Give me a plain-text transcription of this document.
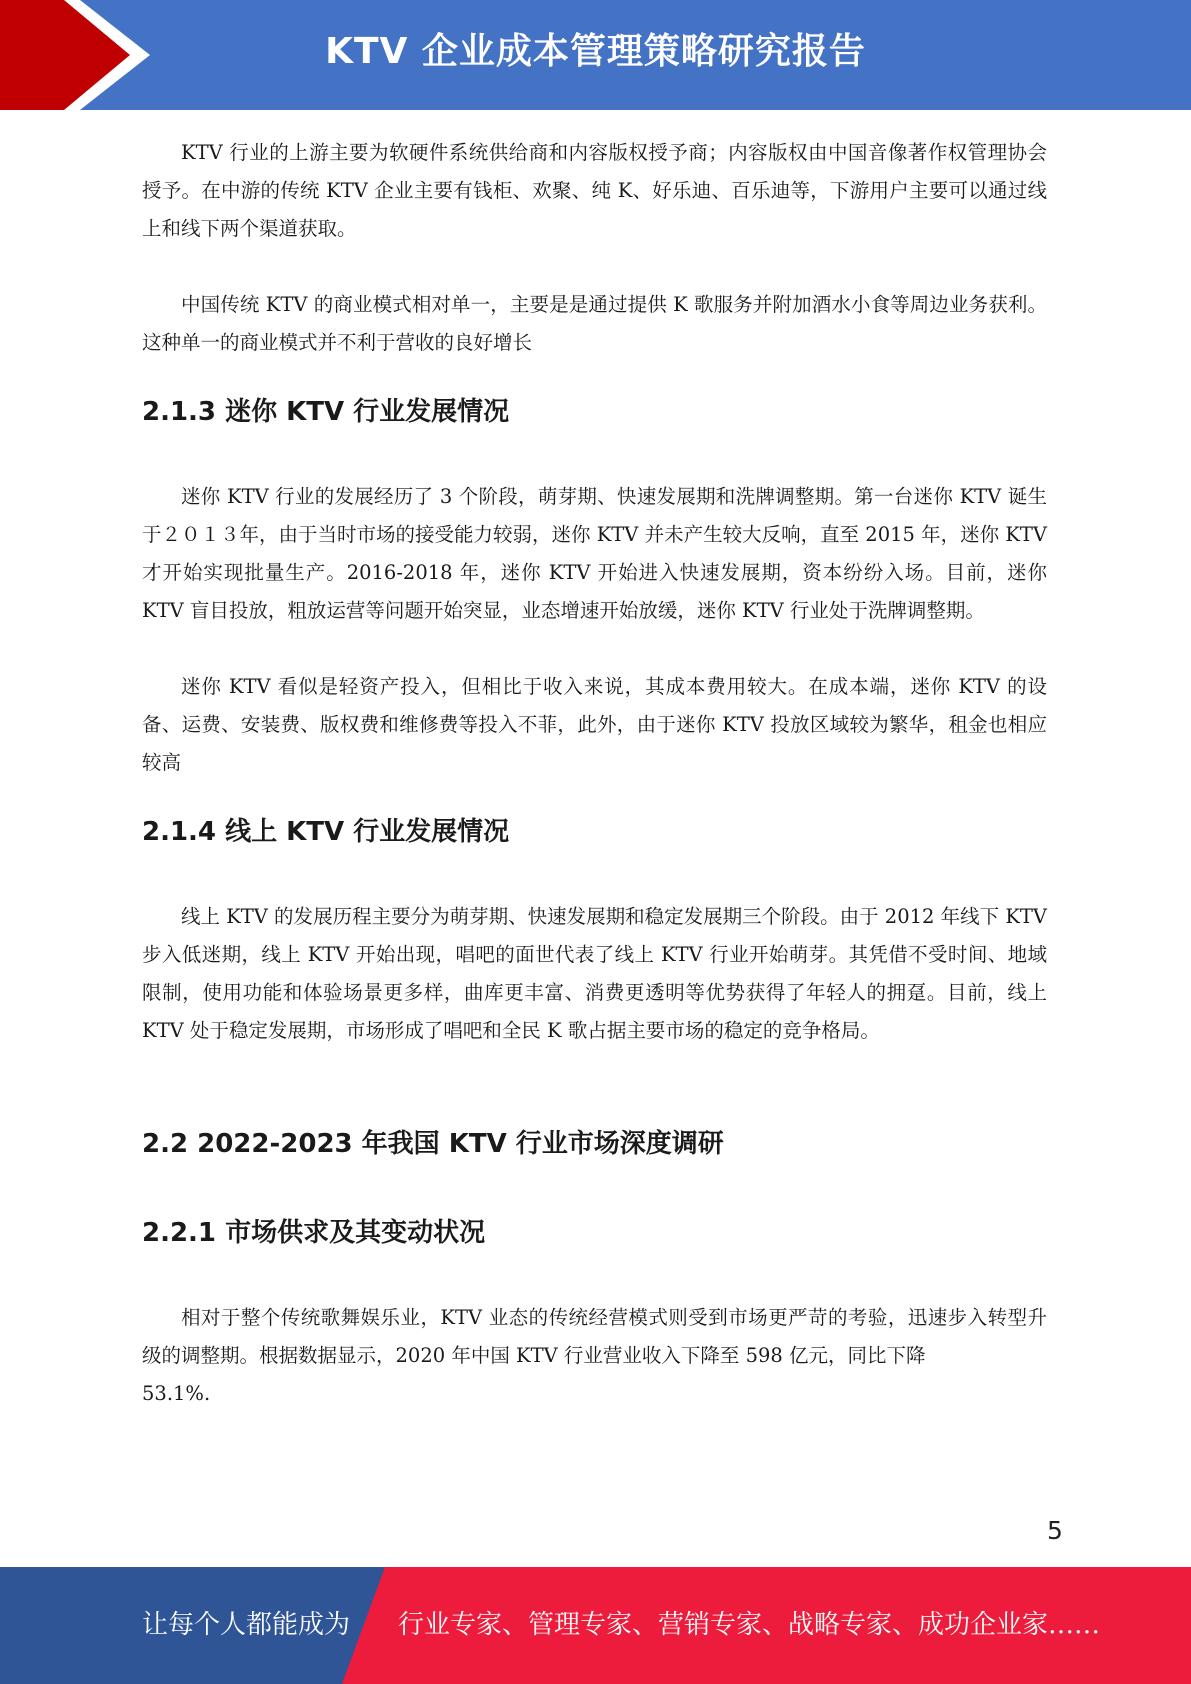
KTV 企业成本管理策略研究报告

KTV 行业的上游主要为软硬件系统供给商和内容版权授予商；内容版权由中国音像著作权管理协会授予。在中游的传统 KTV 企业主要有钱柜、欢聚、纯 K、好乐迪、百乐迪等，下游用户主要可以通过线上和线下两个渠道获取。

中国传统 KTV 的商业模式相对单一，主要是是通过提供 K 歌服务并附加酒水小食等周边业务获利。这种单一的商业模式并不利于营收的良好增长

2.1.3 迷你 KTV 行业发展情况

迷你 KTV 行业的发展经历了 3 个阶段，萌芽期、快速发展期和洗牌调整期。第一台迷你 KTV 诞生于２０１３年，由于当时市场的接受能力较弱，迷你 KTV 并未产生较大反响，直至 2015 年，迷你 KTV 才开始实现批量生产。2016-2018 年，迷你 KTV 开始进入快速发展期，资本纷纷入场。目前，迷你 KTV 盲目投放，粗放运营等问题开始突显，业态增速开始放缓，迷你 KTV 行业处于洗牌调整期。

迷你 KTV 看似是轻资产投入，但相比于收入来说，其成本费用较大。在成本端，迷你 KTV 的设备、运费、安装费、版权费和维修费等投入不菲，此外，由于迷你 KTV 投放区域较为繁华，租金也相应较高

2.1.4 线上 KTV 行业发展情况

线上 KTV 的发展历程主要分为萌芽期、快速发展期和稳定发展期三个阶段。由于 2012 年线下 KTV 步入低迷期，线上 KTV 开始出现，唱吧的面世代表了线上 KTV 行业开始萌芽。其凭借不受时间、地域限制，使用功能和体验场景更多样，曲库更丰富、消费更透明等优势获得了年轻人的拥趸。目前，线上 KTV 处于稳定发展期，市场形成了唱吧和全民 K 歌占据主要市场的稳定的竞争格局。

2.2 2022-2023 年我国 KTV 行业市场深度调研
2.2.1 市场供求及其变动状况

相对于整个传统歌舞娱乐业，KTV 业态的传统经营模式则受到市场更严苛的考验，迅速步入转型升级的调整期。根据数据显示，2020 年中国 KTV 行业营业收入下降至 598 亿元，同比下降

53.1%.

5
让每个人都能成为 行业专家、管理专家、营销专家、战略专家、成功企业家……
